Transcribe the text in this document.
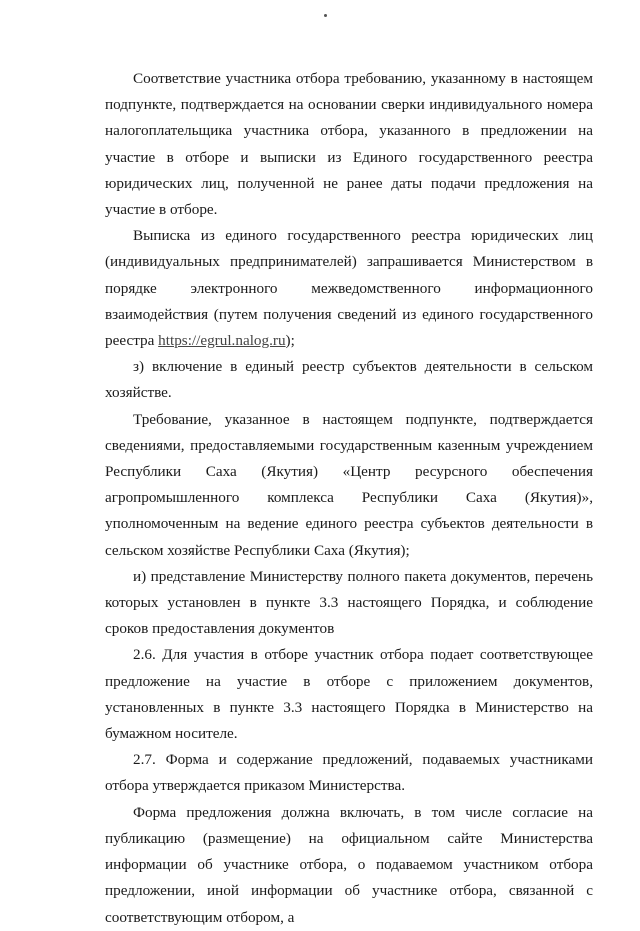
Соответствие участника отбора требованию, указанному в настоящем подпункте, подтверждается на основании сверки индивидуального номера налогоплательщика участника отбора, указанного в предложении на участие в отборе и выписки из Единого государственного реестра юридических лиц, полученной не ранее даты подачи предложения на участие в отборе.

Выписка из единого государственного реестра юридических лиц (индивидуальных предпринимателей) запрашивается Министерством в порядке электронного межведомственного информационного взаимодействия (путем получения сведений из единого государственного реестра https://egrul.nalog.ru);

з) включение в единый реестр субъектов деятельности в сельском хозяйстве.

Требование, указанное в настоящем подпункте, подтверждается сведениями, предоставляемыми государственным казенным учреждением Республики Саха (Якутия) «Центр ресурсного обеспечения агропромышленного комплекса Республики Саха (Якутия)», уполномоченным на ведение единого реестра субъектов деятельности в сельском хозяйстве Республики Саха (Якутия);

и) представление Министерству полного пакета документов, перечень которых установлен в пункте 3.3 настоящего Порядка, и соблюдение сроков предоставления документов

2.6. Для участия в отборе участник отбора подает соответствующее предложение на участие в отборе с приложением документов, установленных в пункте 3.3 настоящего Порядка в Министерство на бумажном носителе.

2.7. Форма и содержание предложений, подаваемых участниками отбора утверждается приказом Министерства.

Форма предложения должна включать, в том числе согласие на публикацию (размещение) на официальном сайте Министерства информации об участнике отбора, о подаваемом участником отбора предложении, иной информации об участнике отбора, связанной с соответствующим отбором, а
